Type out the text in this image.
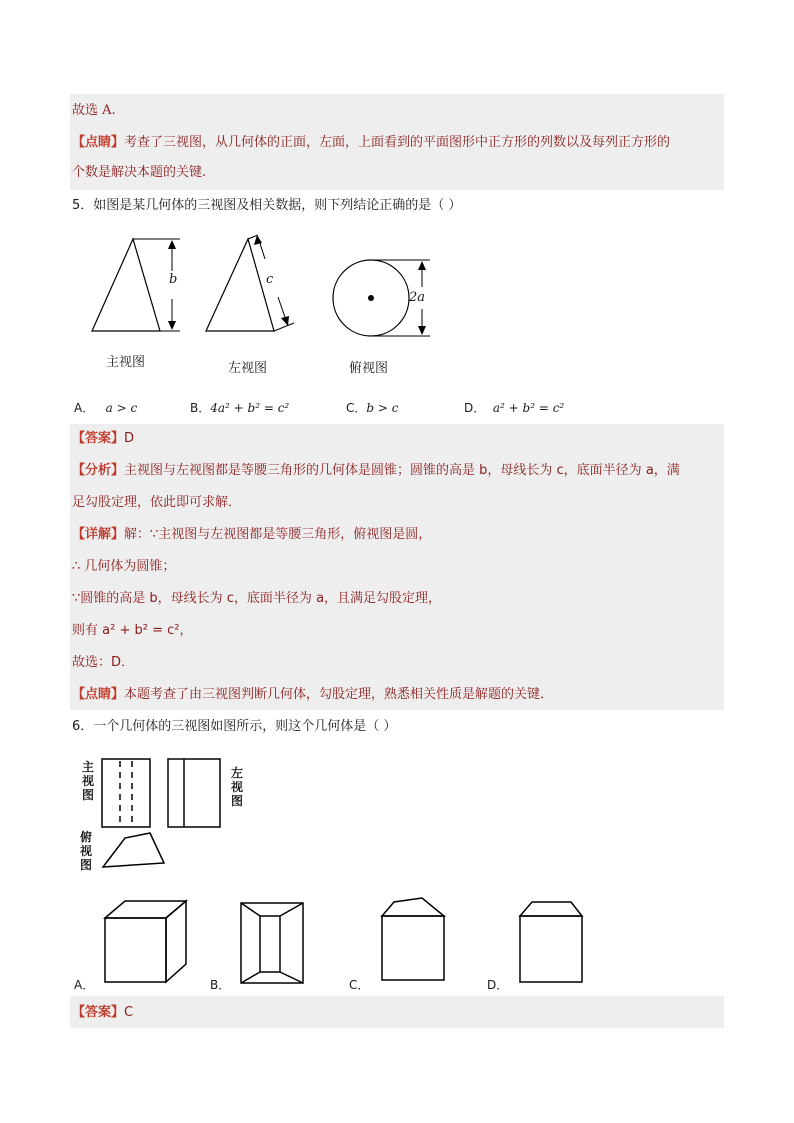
故选 A.
【点睛】考查了三视图，从几何体的正面，左面，上面看到的平面图形中正方形的列数以及每列正方形的
个数是解决本题的关键.
5．如图是某几何体的三视图及相关数据，则下列结论正确的是（ ）
b	c
2a
主视图	左视图	俯视图
A． a > c	B．4a² + b² = c²	C．b > c	D． a² + b² = c²
【答案】D
【分析】主视图与左视图都是等腰三角形的几何体是圆锥；圆锥的高是 b，母线长为 c，底面半径为 a，满
足勾股定理，依此即可求解．
【详解】解：∵主视图与左视图都是等腰三角形，俯视图是圆，
∴ 几何体为圆锥；
∵圆锥的高是 b，母线长为 c，底面半径为 a，且满足勾股定理，
则有 a² + b² = c²，
故选：D．
【点睛】本题考查了由三视图判断几何体，勾股定理，熟悉相关性质是解题的关键．
6．一个几何体的三视图如图所示，则这个几何体是（ ）
主
视
图
左
视
图
俯
视
图
A．	B．	C．	D．
【答案】C
